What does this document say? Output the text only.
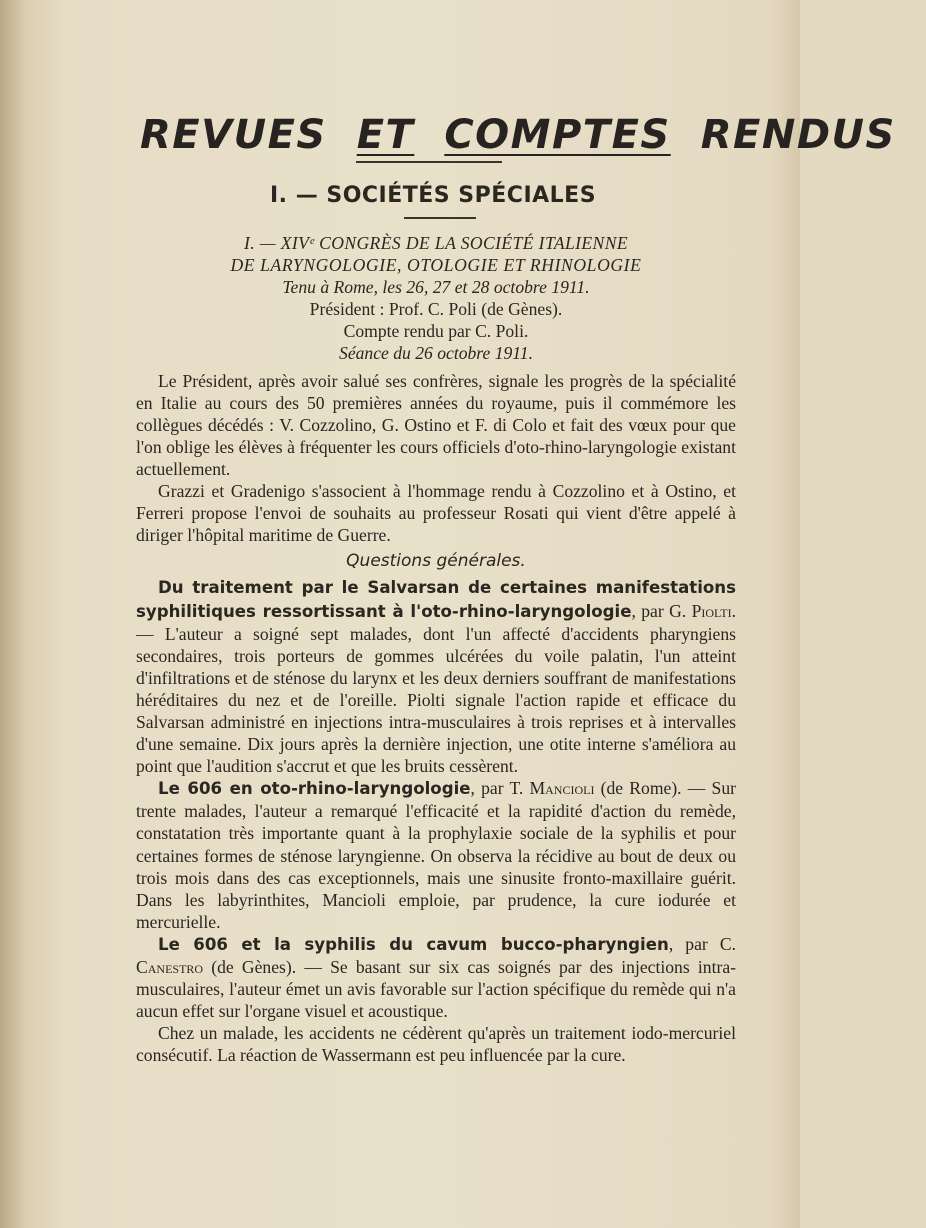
REVUES ET COMPTES RENDUS
I. — SOCIÉTÉS SPÉCIALES

I. — XIVᵉ CONGRÈS DE LA SOCIÉTÉ ITALIENNE

DE LARYNGOLOGIE, OTOLOGIE ET RHINOLOGIE

Tenu à Rome, les 26, 27 et 28 octobre 1911.

Président : Prof. C. Poli (de Gènes).

Compte rendu par C. Poli.

Séance du 26 octobre 1911.

Le Président, après avoir salué ses confrères, signale les progrès de la spécialité en Italie au cours des 50 premières années du royaume, puis il commémore les collègues décédés : V. Cozzolino, G. Ostino et F. di Colo et fait des vœux pour que l'on oblige les élèves à fréquenter les cours officiels d'oto-rhino-laryngologie existant actuellement.

Grazzi et Gradenigo s'associent à l'hommage rendu à Cozzolino et à Ostino, et Ferreri propose l'envoi de souhaits au professeur Rosati qui vient d'être appelé à diriger l'hôpital maritime de Guerre.

Questions générales.

Du traitement par le Salvarsan de certaines manifestations syphilitiques ressortissant à l'oto-rhino-laryngologie, par G. Piolti. — L'auteur a soigné sept malades, dont l'un affecté d'accidents pharyngiens secondaires, trois porteurs de gommes ulcérées du voile palatin, l'un atteint d'infiltrations et de sténose du larynx et les deux derniers souffrant de manifestations héréditaires du nez et de l'oreille. Piolti signale l'action rapide et efficace du Salvarsan administré en injections intra-musculaires à trois reprises et à intervalles d'une semaine. Dix jours après la dernière injection, une otite interne s'améliora au point que l'audition s'accrut et que les bruits cessèrent.

Le 606 en oto-rhino-laryngologie, par T. Mancioli (de Rome). — Sur trente malades, l'auteur a remarqué l'efficacité et la rapidité d'action du remède, constatation très importante quant à la prophylaxie sociale de la syphilis et pour certaines formes de sténose laryngienne. On observa la récidive au bout de deux ou trois mois dans des cas exceptionnels, mais une sinusite fronto-maxillaire guérit. Dans les labyrinthites, Mancioli emploie, par prudence, la cure iodurée et mercurielle.

Le 606 et la syphilis du cavum bucco-pharyngien, par C. Canestro (de Gènes). — Se basant sur six cas soignés par des injections intra-musculaires, l'auteur émet un avis favorable sur l'action spécifique du remède qui n'a aucun effet sur l'organe visuel et acoustique.

Chez un malade, les accidents ne cédèrent qu'après un traitement iodo-mercuriel consécutif. La réaction de Wassermann est peu influencée par la cure.
